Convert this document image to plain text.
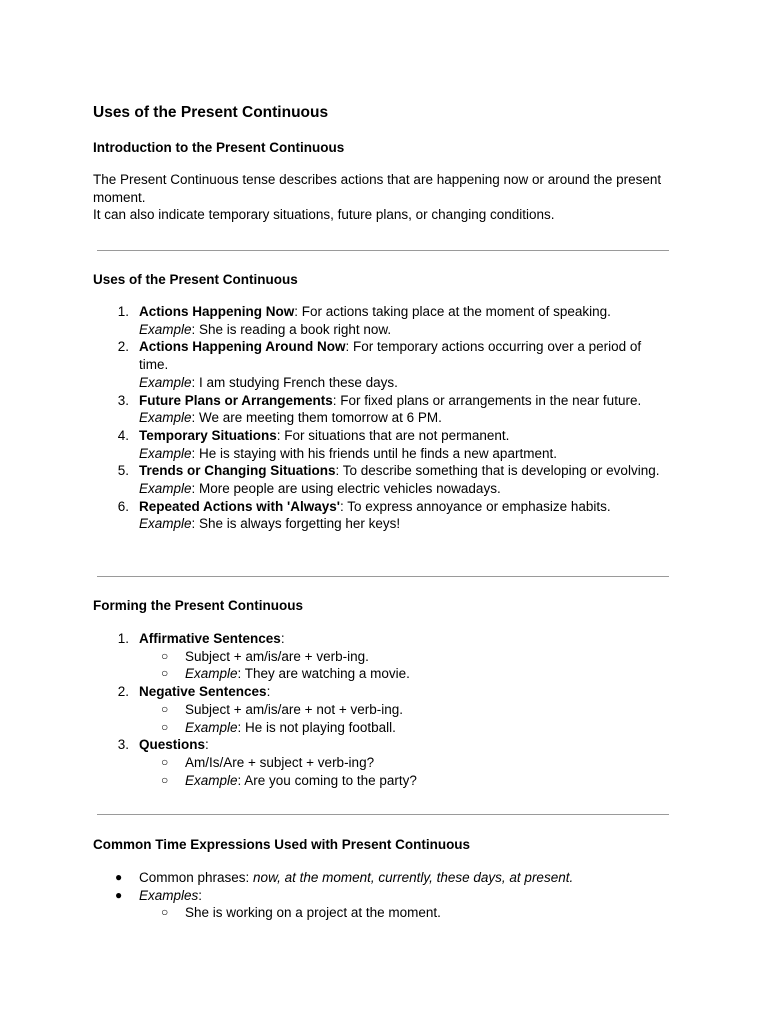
Uses of the Present Continuous
Introduction to the Present Continuous

The Present Continuous tense describes actions that are happening now or around the present moment.

It can also indicate temporary situations, future plans, or changing conditions.

Uses of the Present Continuous
1. Actions Happening Now: For actions taking place at the moment of speaking.
Example: She is reading a book right now.
2. Actions Happening Around Now: For temporary actions occurring over a period of time.
Example: I am studying French these days.
3. Future Plans or Arrangements: For fixed plans or arrangements in the near future.
Example: We are meeting them tomorrow at 6 PM.
4. Temporary Situations: For situations that are not permanent.
Example: He is staying with his friends until he finds a new apartment.
5. Trends or Changing Situations: To describe something that is developing or evolving.
Example: More people are using electric vehicles nowadays.
6. Repeated Actions with 'Always': To express annoyance or emphasize habits.
Example: She is always forgetting her keys!
Forming the Present Continuous
1. Affirmative Sentences:
○ Subject + am/is/are + verb-ing.
○ Example: They are watching a movie.
2. Negative Sentences:
○ Subject + am/is/are + not + verb-ing.
○ Example: He is not playing football.
3. Questions:
○ Am/Is/Are + subject + verb-ing?
○ Example: Are you coming to the party?
Common Time Expressions Used with Present Continuous
● Common phrases: now, at the moment, currently, these days, at present.
● Examples:
○ She is working on a project at the moment.
